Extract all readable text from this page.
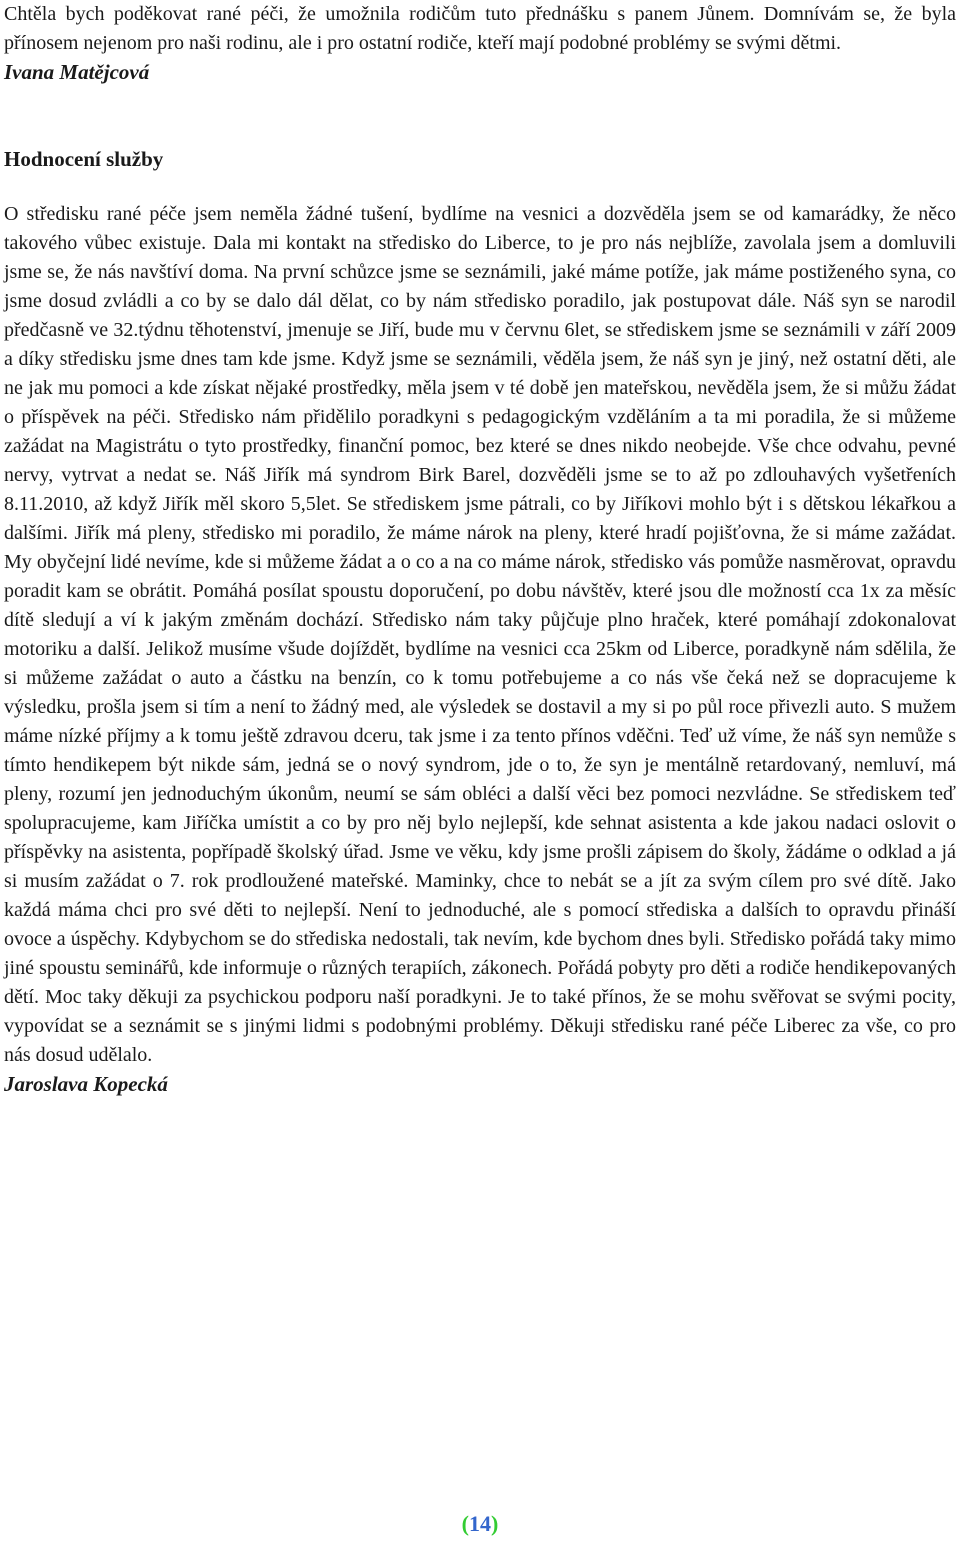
Chtěla bych poděkovat rané péči, že umožnila rodičům tuto přednášku s panem Jůnem. Domnívám se, že byla přínosem nejenom pro naši rodinu, ale i pro ostatní rodiče, kteří mají podobné problémy se svými dětmi.

Ivana Matějcová

Hodnocení služby

O středisku rané péče jsem neměla žádné tušení, bydlíme na vesnici a dozvěděla jsem se od kamarádky, že něco takového vůbec existuje. Dala mi kontakt na středisko do Liberce, to je pro nás nejblíže, zavolala jsem a domluvili jsme se, že nás navštíví doma. Na první schůzce jsme se seznámili, jaké máme potíže, jak máme postiženého syna, co jsme dosud zvládli a co by se dalo dál dělat, co by nám středisko poradilo, jak postupovat dále. Náš syn se narodil předčasně ve 32.týdnu těhotenství, jmenuje se Jiří, bude mu v červnu 6let, se střediskem jsme se seznámili v září 2009 a díky středisku jsme dnes tam kde jsme. Když jsme se seznámili, věděla jsem, že náš syn je jiný, než ostatní děti, ale ne jak mu pomoci a kde získat nějaké prostředky, měla jsem v té době jen mateřskou, nevěděla jsem, že si můžu žádat o příspěvek na péči. Středisko nám přidělilo poradkyni s pedagogickým vzděláním a ta mi poradila, že si můžeme zažádat na Magistrátu o tyto prostředky, finanční pomoc, bez které se dnes nikdo neobejde. Vše chce odvahu, pevné nervy, vytrvat a nedat se. Náš Jiřík má syndrom Birk Barel, dozvěděli jsme se to až po zdlouhavých vyšetřeních 8.11.2010, až když Jiřík měl skoro 5,5let. Se střediskem jsme pátrali, co by Jiříkovi mohlo být i s dětskou lékařkou a dalšími. Jiřík má pleny, středisko mi poradilo, že máme nárok na pleny, které hradí pojišťovna, že si máme zažádat. My obyčejní lidé nevíme, kde si můžeme žádat a o co a na co máme nárok, středisko vás pomůže nasměrovat, opravdu poradit kam se obrátit. Pomáhá posílat spoustu doporučení, po dobu návštěv, které jsou dle možností cca 1x za měsíc dítě sledují a ví k jakým změnám dochází. Středisko nám taky půjčuje plno hraček, které pomáhají zdokonalovat motoriku a další. Jelikož musíme všude dojíždět, bydlíme na vesnici cca 25km od Liberce, poradkyně nám sdělila, že si můžeme zažádat o auto a částku na benzín, co k tomu potřebujeme a co nás vše čeká než se dopracujeme k výsledku, prošla jsem si tím a není to žádný med, ale výsledek se dostavil a my si po půl roce přivezli auto. S mužem máme nízké příjmy a k tomu ještě zdravou dceru, tak jsme i za tento přínos vděčni. Teď už víme, že náš syn nemůže s tímto hendikepem být nikde sám, jedná se o nový syndrom, jde o to, že syn je mentálně retardovaný, nemluví, má pleny, rozumí jen jednoduchým úkonům, neumí se sám obléci a další věci bez pomoci nezvládne. Se střediskem teď spolupracujeme, kam Jiříčka umístit a co by pro něj bylo nejlepší, kde sehnat asistenta a kde jakou nadaci oslovit o příspěvky na asistenta, popřípadě školský úřad. Jsme ve věku, kdy jsme prošli zápisem do školy, žádáme o odklad a já si musím zažádat o 7. rok prodloužené mateřské. Maminky, chce to nebát se a jít za svým cílem pro své dítě. Jako každá máma chci pro své děti to nejlepší. Není to jednoduché, ale s pomocí střediska a dalších to opravdu přináší ovoce a úspěchy. Kdybychom se do střediska nedostali, tak nevím, kde bychom dnes byli. Středisko pořádá taky mimo jiné spoustu seminářů, kde informuje o různých terapiích, zákonech. Pořádá pobyty pro děti a rodiče hendikepovaných dětí. Moc taky děkuji za psychickou podporu naší poradkyni. Je to také přínos, že se mohu svěřovat se svými pocity, vypovídat se a seznámit se s jinými lidmi s podobnými problémy. Děkuji středisku rané péče Liberec za vše, co pro nás dosud udělalo.

Jaroslava Kopecká

(14)
